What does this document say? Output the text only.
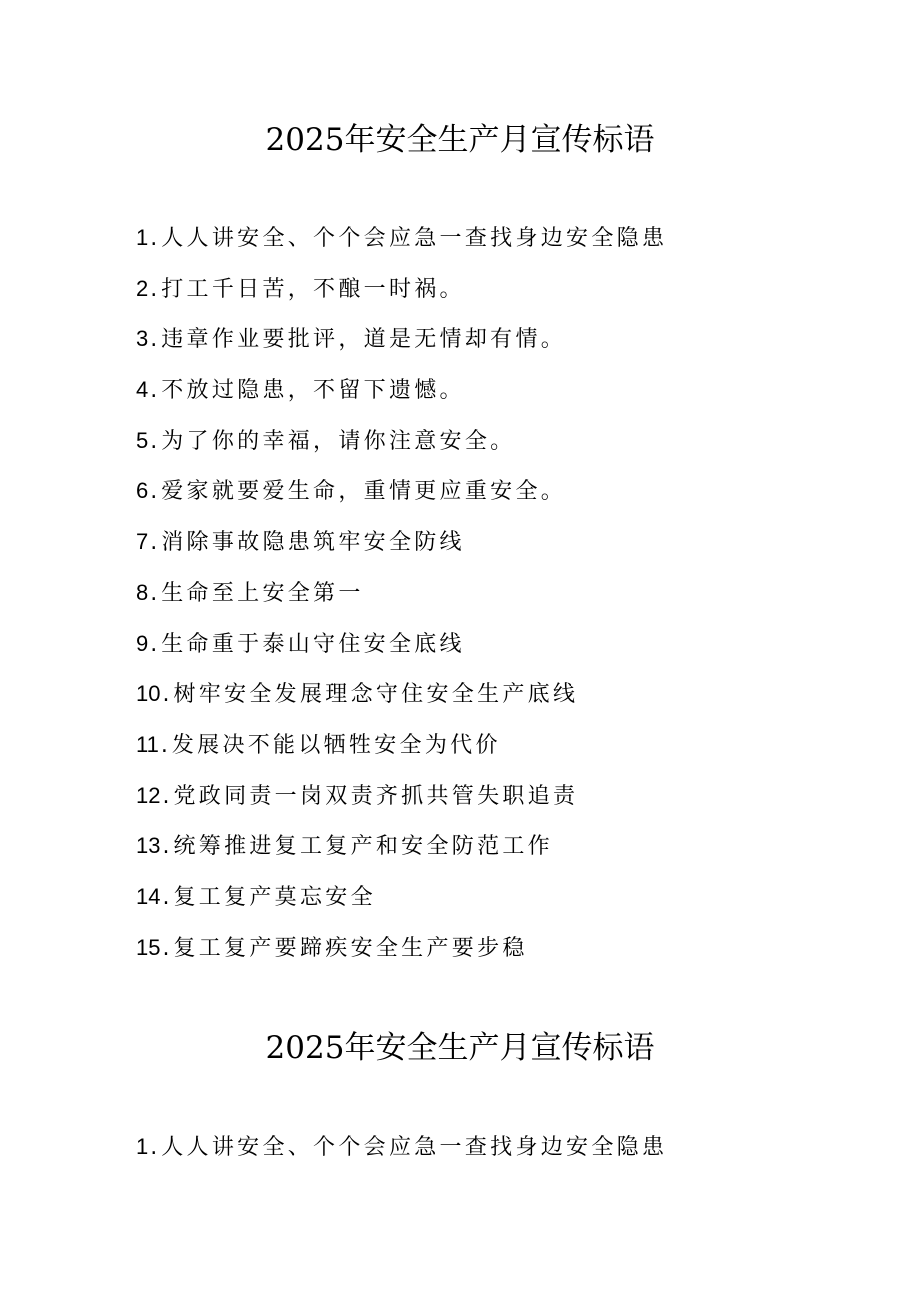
2025年安全生产月宣传标语
1. 人人讲安全、个个会应急一查找身边安全隐患
2. 打工千日苦，不酿一时祸。
3. 违章作业要批评，道是无情却有情。
4. 不放过隐患，不留下遗憾。
5. 为了你的幸福，请你注意安全。
6. 爱家就要爱生命，重情更应重安全。
7. 消除事故隐患筑牢安全防线
8. 生命至上安全第一
9. 生命重于泰山守住安全底线
10. 树牢安全发展理念守住安全生产底线
11. 发展决不能以牺牲安全为代价
12. 党政同责一岗双责齐抓共管失职追责
13. 统筹推进复工复产和安全防范工作
14. 复工复产莫忘安全
15. 复工复产要蹄疾安全生产要步稳
2025年安全生产月宣传标语
1. 人人讲安全、个个会应急一查找身边安全隐患
